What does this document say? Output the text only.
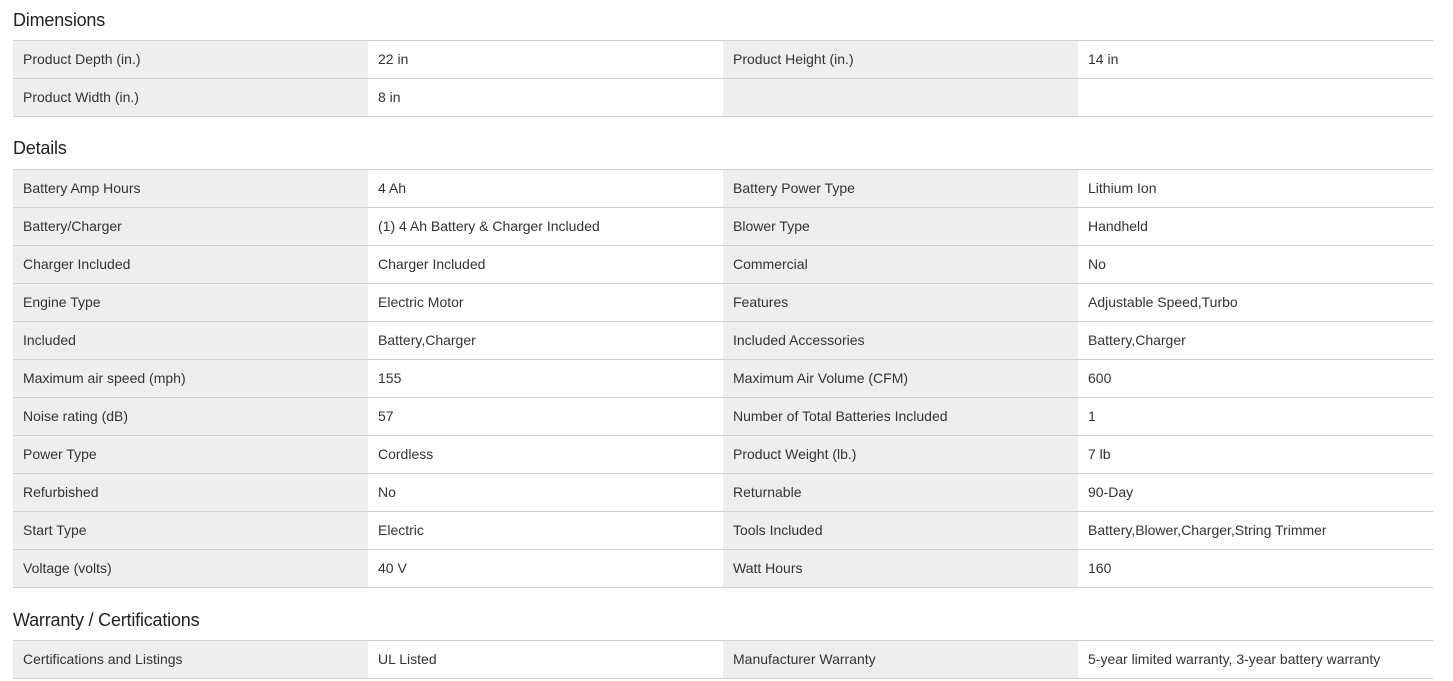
Dimensions
Product Depth (in.)	22 in	Product Height (in.)	14 in
Product Width (in.)	8 in
Details
Battery Amp Hours	4 Ah	Battery Power Type	Lithium Ion
Battery/Charger	(1) 4 Ah Battery & Charger Included	Blower Type	Handheld
Charger Included	Charger Included	Commercial	No
Engine Type	Electric Motor	Features	Adjustable Speed,Turbo
Included	Battery,Charger	Included Accessories	Battery,Charger
Maximum air speed (mph)	155	Maximum Air Volume (CFM)	600
Noise rating (dB)	57	Number of Total Batteries Included	1
Power Type	Cordless	Product Weight (lb.)	7 lb
Refurbished	No	Returnable	90-Day
Start Type	Electric	Tools Included	Battery,Blower,Charger,String Trimmer
Voltage (volts)	40 V	Watt Hours	160
Warranty / Certifications
Certifications and Listings	UL Listed	Manufacturer Warranty	5-year limited warranty, 3-year battery warranty
